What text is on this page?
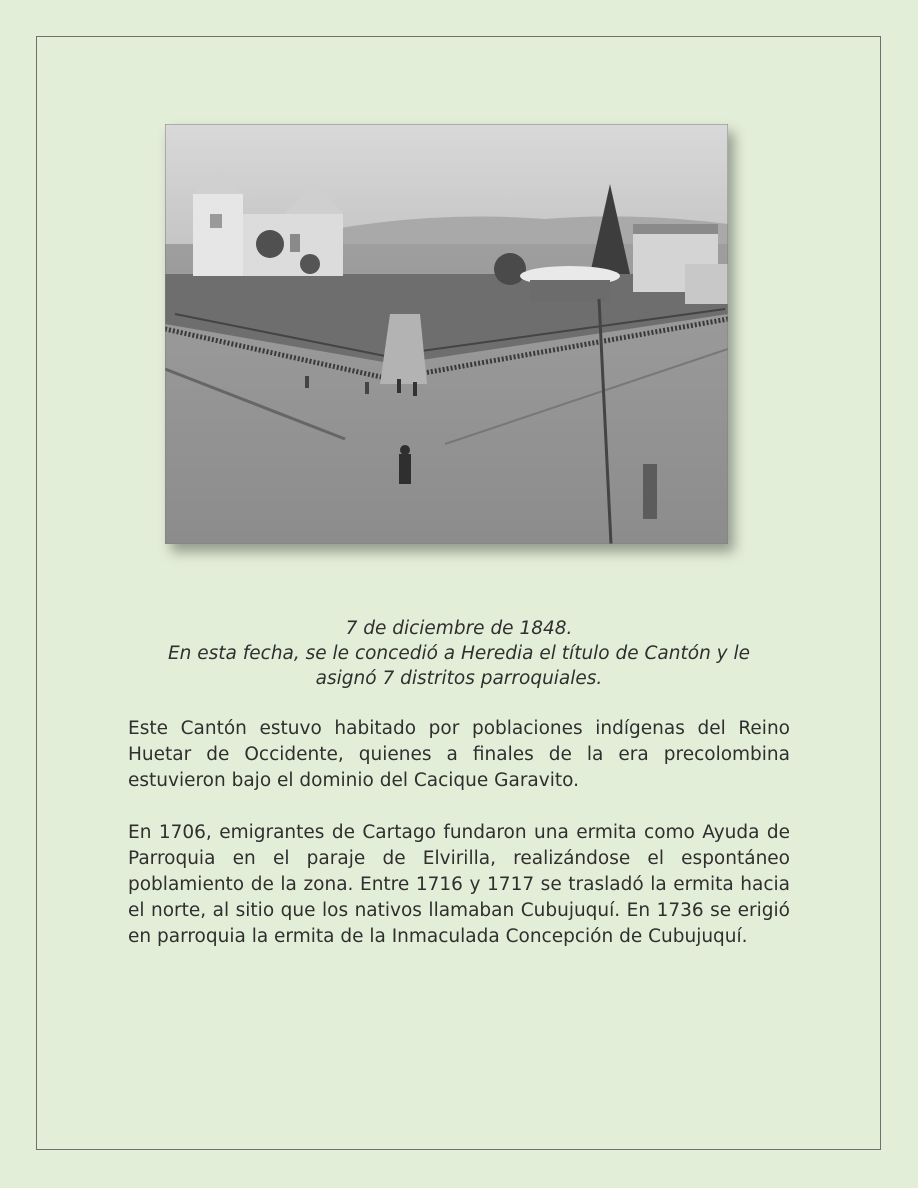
7 de diciembre de 1848.
En esta fecha, se le concedió a Heredia el título de Cantón y le
asignó 7 distritos parroquiales.
Este Cantón estuvo habitado por poblaciones indígenas del Reino Huetar de Occidente, quienes a finales de la era precolombina estuvieron bajo el dominio del Cacique Garavito.
En 1706, emigrantes de Cartago fundaron una ermita como Ayuda de Parroquia en el paraje de Elvirilla, realizándose el espontáneo poblamiento de la zona. Entre 1716 y 1717 se trasladó la ermita hacia el norte, al sitio que los nativos llamaban Cubujuquí. En 1736 se erigió en parroquia la ermita de la Inmaculada Concepción de Cubujuquí.
